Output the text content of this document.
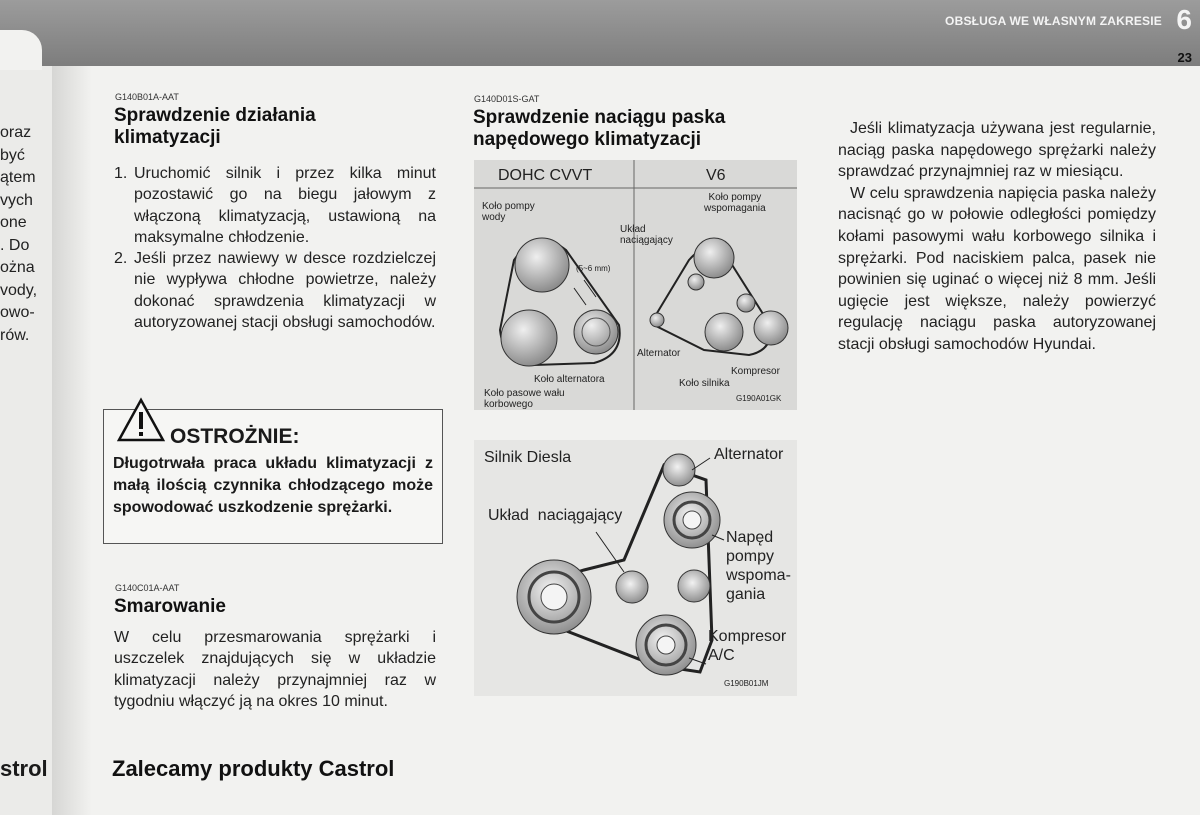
OBSŁUGA WE WŁASNYM ZAKRESIE 6
23
oraz
być
ątem
vych
one
. Do
ożna
vody,
owo-
rów.
strol
G140B01A-AAT
Sprawdzenie działania
klimatyzacji
1. Uruchomić silnik i przez kilka minut pozostawić go na biegu jałowym z włączoną klimatyzacją, ustawioną na maksymalne chłodzenie.
2. Jeśli przez nawiewy w desce rozdzielczej nie wypływa chłodne powietrze, należy dokonać sprawdzenia klimatyzacji w autoryzowanej stacji obsługi samochodów.
OSTROŻNIE:
Długotrwała praca układu klimatyzacji z małą ilością czynnika chłodzącego może spowodować uszkodzenie sprężarki.
G140C01A-AAT
Smarowanie
W celu przesmarowania sprężarki i uszczelek znajdujących się w układzie klimatyzacji należy przynajmniej raz w tygodniu włączyć ją na okres 10 minut.
Zalecamy produkty Castrol
G140D01S-GAT
Sprawdzenie naciągu paska
napędowego klimatyzacji
DOHC CVVT	V6
Koło pompy
wody
Układ
naciągający
(5~6 mm)
Koło alternatora
Koło pasowe wału
korbowego
Koło pompy
wspomagania
Alternator
Kompresor
Koło silnika
G190A01GK
Silnik Diesla	Alternator
Układ  naciągający
Napęd
pompy
wspoma-
gania
Kompresor
A/C
G190B01JM

Jeśli klimatyzacja używana jest regularnie, naciąg paska napędowego sprężarki należy sprawdzać przynajmniej raz w miesiącu.

W celu sprawdzenia napięcia paska należy nacisnąć go w połowie odległości pomiędzy kołami pasowymi wału korbowego silnika i sprężarki. Pod naciskiem palca, pasek nie powinien się uginać o więcej niż 8 mm. Jeśli ugięcie jest większe, należy powierzyć regulację naciągu paska autoryzowanej stacji obsługi samochodów Hyundai.
